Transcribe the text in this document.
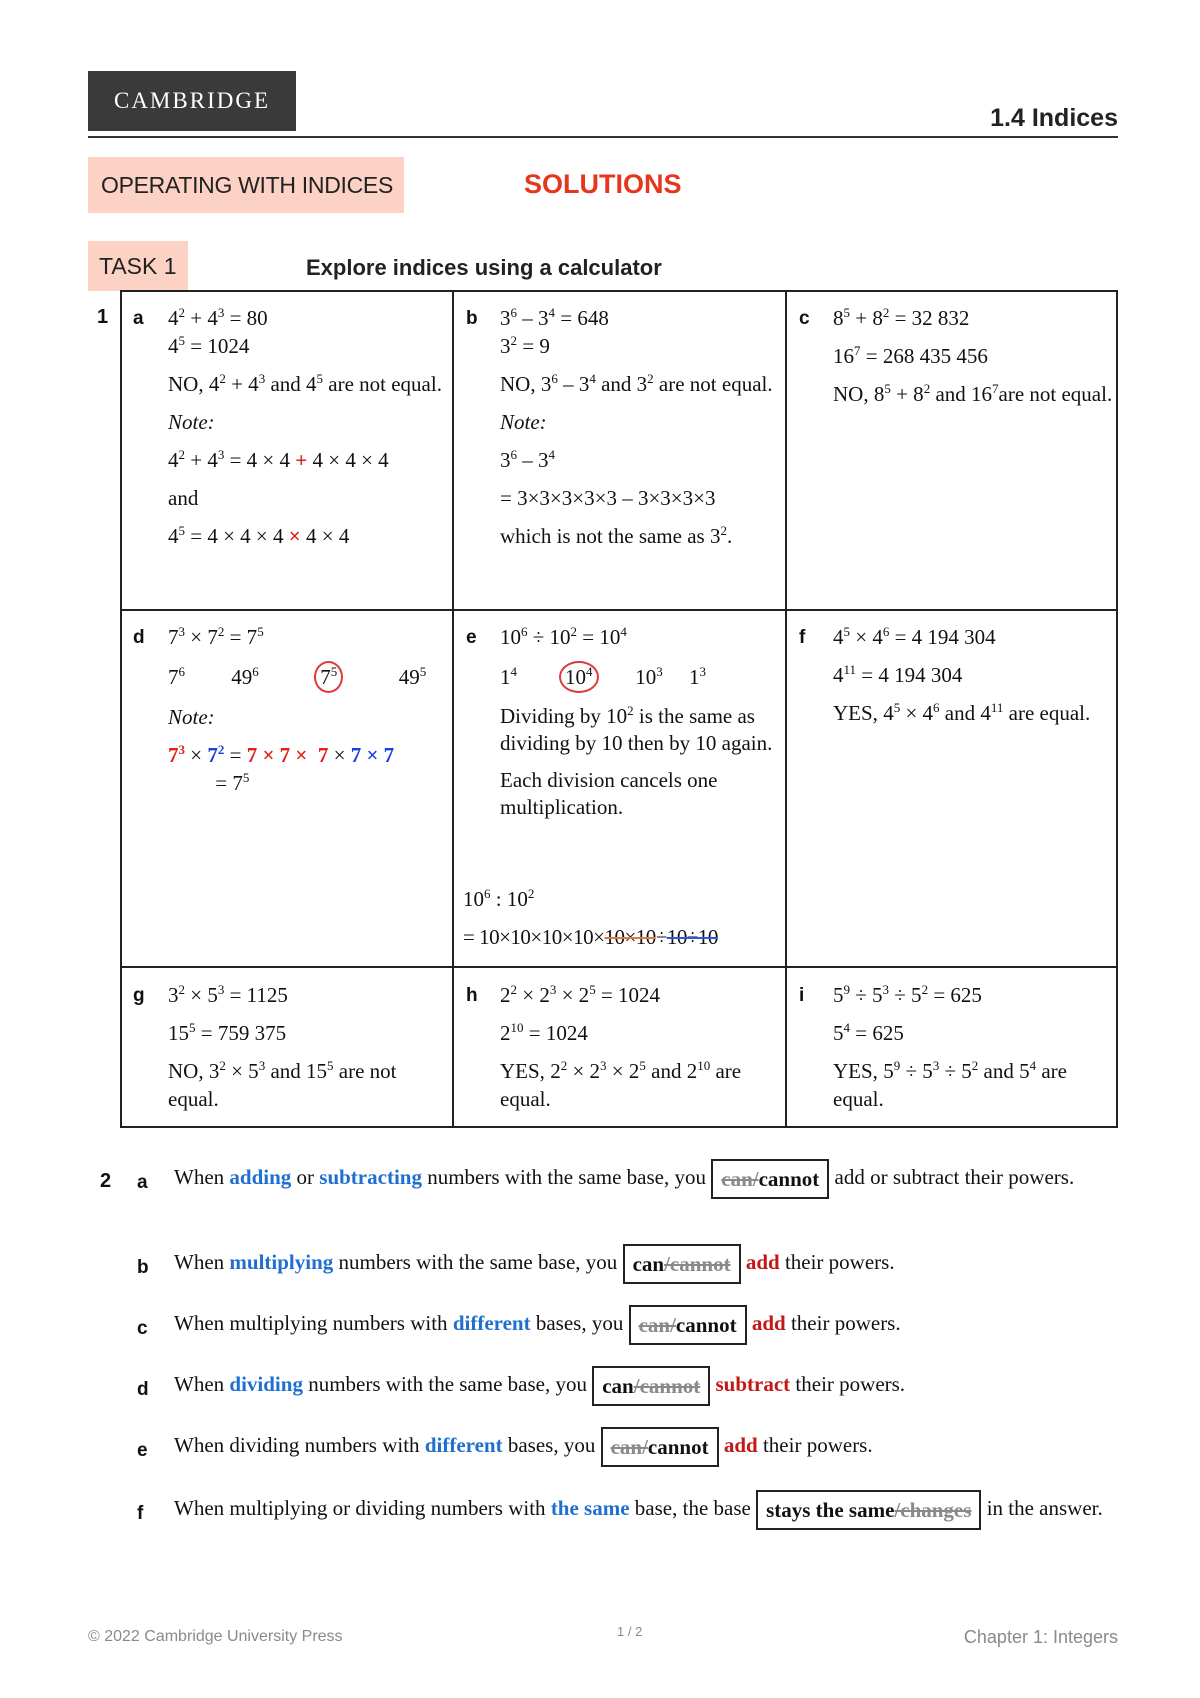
CAMBRIDGE
1.4 Indices
OPERATING WITH INDICES	SOLUTIONS
TASK 1	Explore indices using a calculator
1 a $4^2 + 4^3 = 80$

$4^5 = 1024$

NO, $4^2 + 4^3$ and $4^5$ are not equal.

Note:

$4^2 + 4^3 = 4 \times 4 + 4 \times 4 \times 4$

and

$4^5 = 4 \times 4 \times 4 \times 4 \times 4$

b $3^6 - 3^4 = 648$

$3^2 = 9$

NO, $3^6 - 3^4$ and $3^2$ are not equal.

Note:

$3^6 - 3^4$

= 3×3×3×3×3 – 3×3×3×3

which is not the same as $3^2$.

c $8^5 + 8^2 = 32$ 832

$16^7 = 268$ 435 456

NO, $8^5 + 8^2$ and $16^7are$ not equal.

d $7^3 \times 7^2 = 7^5$

$7^6$     $49^6$	$7^5$      $49^5$

Note:

$7^3 \times 7^2 = 7 \times 7 \times 7 \times 7 \times 7$

= $7^5$

e $10^6 \div 10^2 = 10^4$

$1^4$ $10^4$       $10^3$     $1^3$

Dividing by $10^2$ is the same as dividing by 10 then by 10 again.

Each division cancels one multiplication.

$10^6$ : $10^2$

= 10×10×10×10×10×10÷10÷10

f $4^5 \times 4^6 = 4$ 194 304

$4^{11} = 4$ 194 304

YES, $4^5 \times 4^6$ and $4^{11}$ are equal.

g $3^2 \times 5^3 = 1125$

$15^5 = 759$ 375

NO, $3^2 \times 5^3$ and $15^5$ are not equal.

h $2^2 \times 2^3 \times 2^5 = 1024$

$2^{10} = 1024$

YES, $2^2 \times 2^3 \times 2^5$ and $2^{10}$ are equal.

i $5^9 \div 5^3 \div 5^2 = 625$

$5^4 = 625$

YES, $5^9 \div 5^3 \div 5^2$ and $5^4$ are equal.

2 a When adding or subtracting numbers with the same base, you can/cannot add or subtract their powers.
b When multiplying numbers with the same base, you can/cannot add their powers.
c When multiplying numbers with different bases, you can/cannot add their powers.
d When dividing numbers with the same base, you can/cannot subtract their powers.
e When dividing numbers with different bases, you can/cannot add their powers.
f When multiplying or dividing numbers with the same base, the base stays the same/changes in the answer.
© 2022 Cambridge University Press	1 / 2	Chapter 1: Integers
